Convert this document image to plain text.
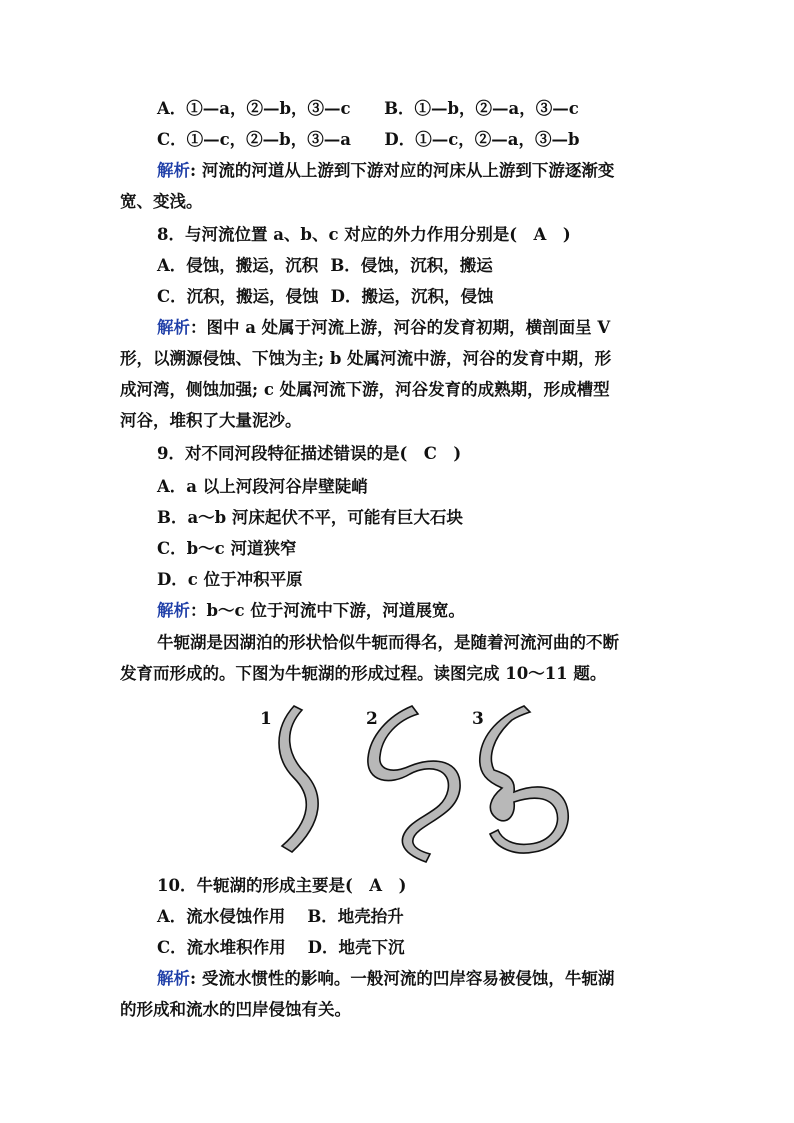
A．①—a，②—b，③—c B．①—b，②—a，③—c
C．①—c，②—b，③—a D．①—c，②—a，③—b
解析: 河流的河道从上游到下游对应的河床从上游到下游逐渐变
宽、变浅。
8．与河流位置 a、b、c 对应的外力作用分别是(　A　)
A．侵蚀，搬运，沉积 B．侵蚀，沉积，搬运
C．沉积，搬运，侵蚀 D．搬运，沉积，侵蚀
解析：图中 a 处属于河流上游，河谷的发育初期，横剖面呈 V
形，以溯源侵蚀、下蚀为主; b 处属河流中游，河谷的发育中期，形
成河湾，侧蚀加强; c 处属河流下游，河谷发育的成熟期，形成槽型
河谷，堆积了大量泥沙。
9．对不同河段特征描述错误的是(　C　)
A．a 以上河段河谷岸壁陡峭
B．a～b 河床起伏不平，可能有巨大石块
C．b～c 河道狭窄
D．c 位于冲积平原
解析：b～c 位于河流中下游，河道展宽。
牛轭湖是因湖泊的形状恰似牛轭而得名，是随着河流河曲的不断
发育而形成的。下图为牛轭湖的形成过程。读图完成 10～11 题。
1	2	3
10．牛轭湖的形成主要是(　A　)
A．流水侵蚀作用 B．地壳抬升
C．流水堆积作用 D．地壳下沉
解析: 受流水惯性的影响。一般河流的凹岸容易被侵蚀，牛轭湖
的形成和流水的凹岸侵蚀有关。
